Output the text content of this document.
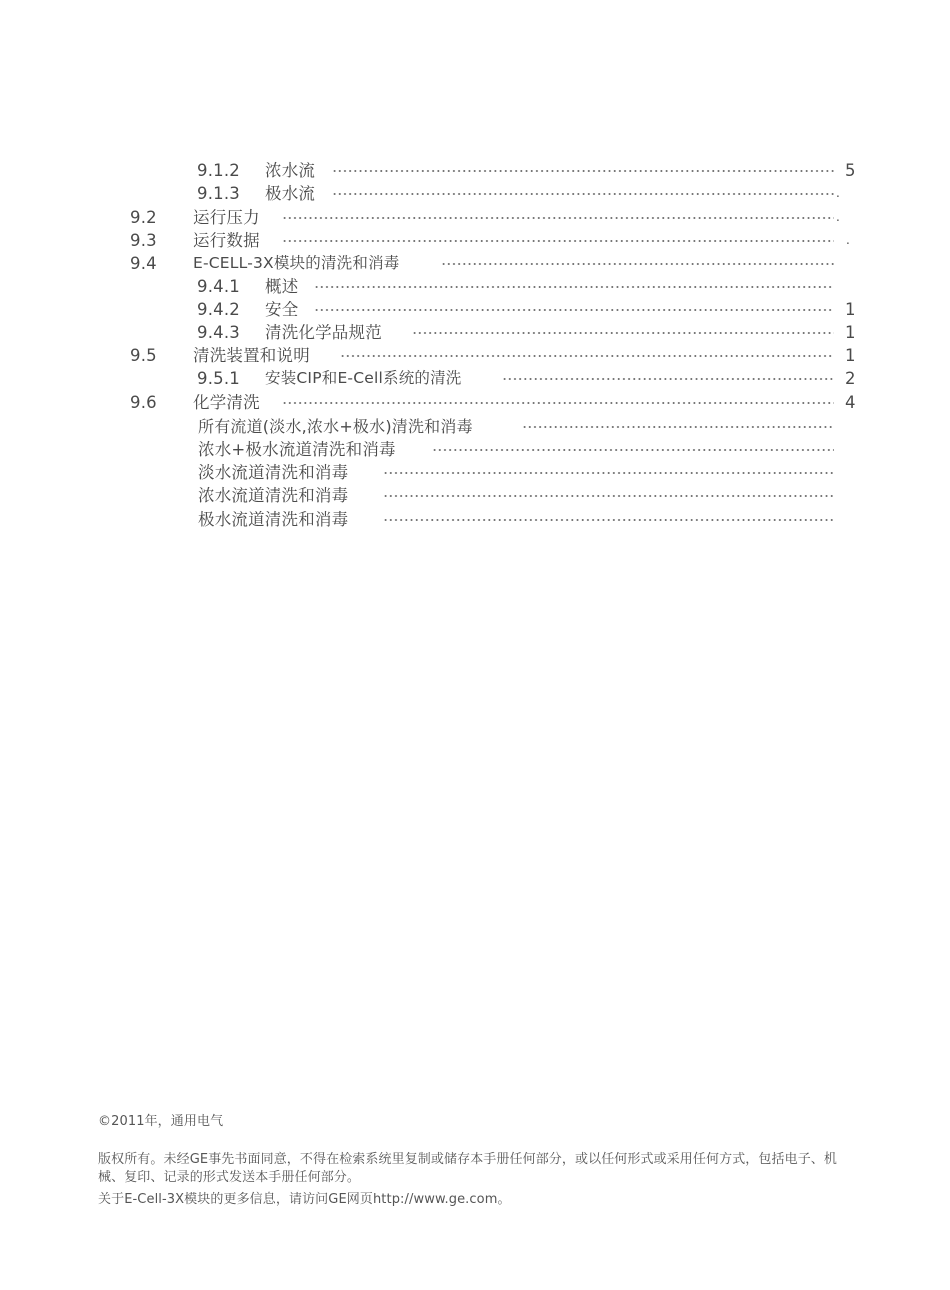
9.1.2 浓水流	5
9.1.3 极水流	.
9.2 运行压力	.
9.3 运行数据	.
9.4 E-CELL-3X模块的清洗和消毒
9.4.1 概述
9.4.2 安全	1
9.4.3 清洗化学品规范	1
9.5 清洗装置和说明	1
9.5.1 安装CIP和E-Cell系统的清洗	2
9.6 化学清洗	4
所有流道(淡水,浓水+极水)清洗和消毒
浓水+极水流道清洗和消毒
淡水流道清洗和消毒
浓水流道清洗和消毒
极水流道清洗和消毒
©2011年，通用电气
版权所有。未经GE事先书面同意，不得在检索系统里复制或储存本手册任何部分，或以任何形式或采用任何方式，包括电子、机械、复印、记录的形式发送本手册任何部分。
关于E-Cell-3X模块的更多信息，请访问GE网页http://www.ge.com。
